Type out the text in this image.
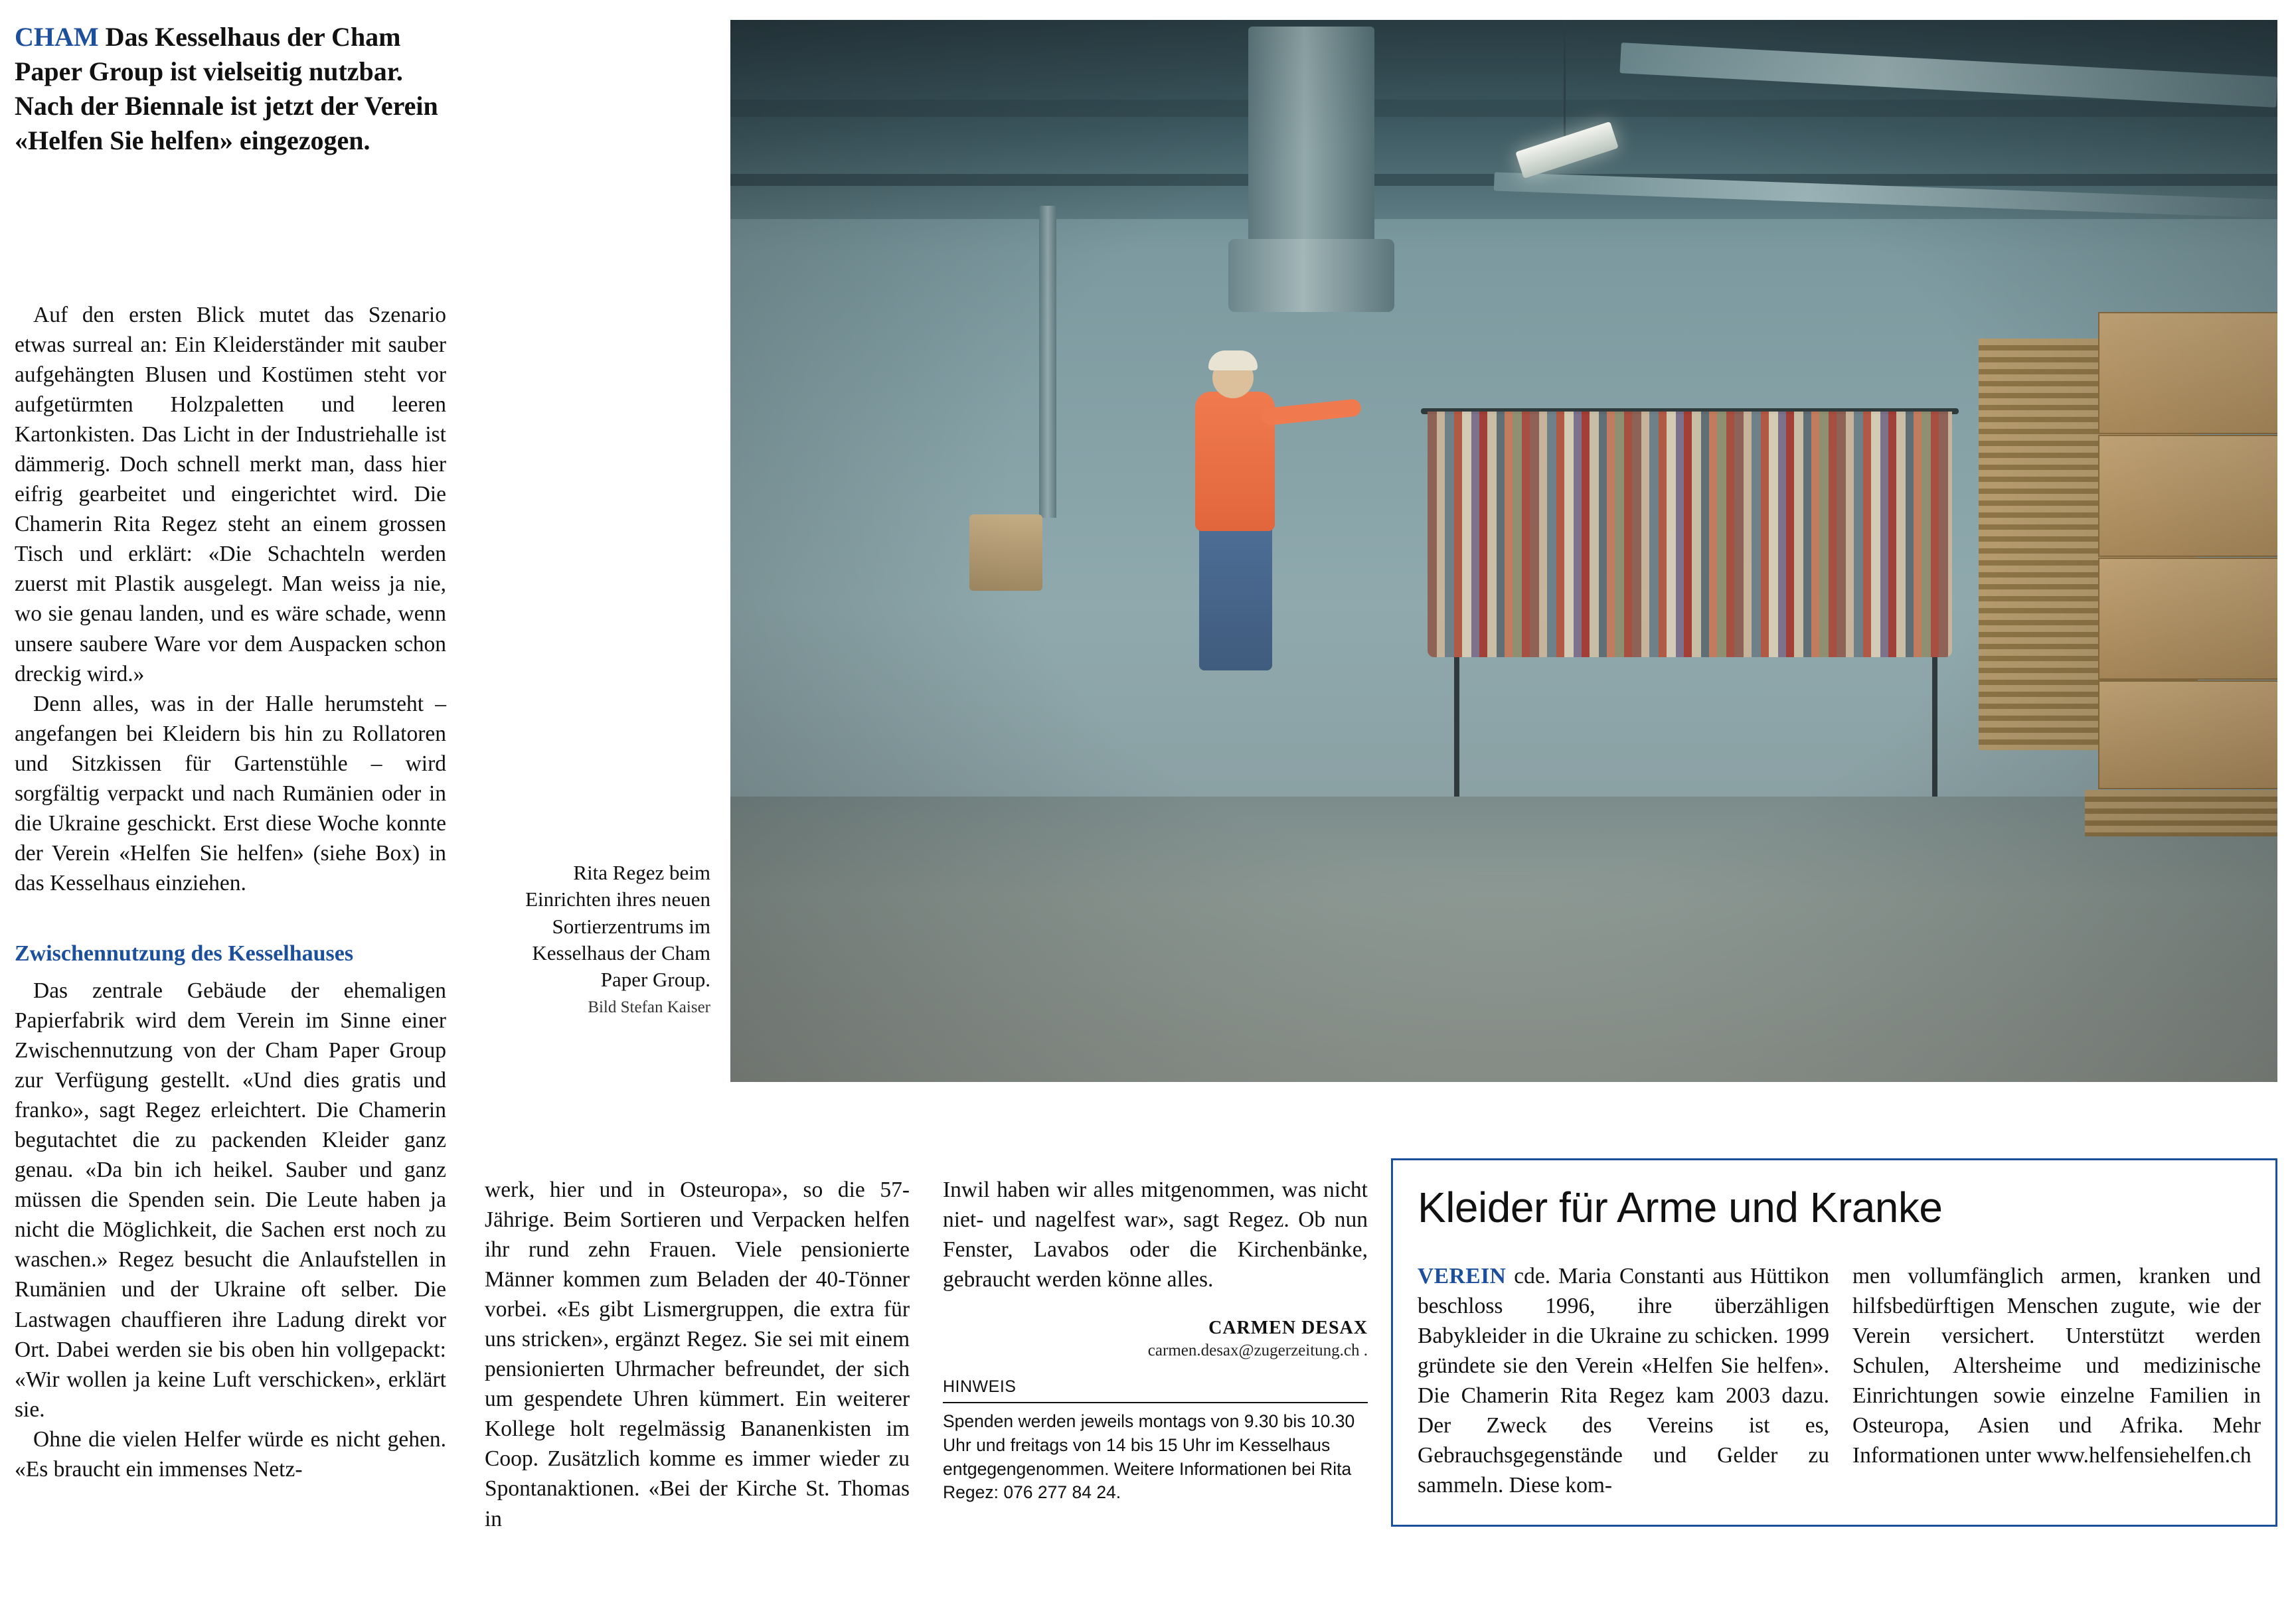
CHAM Das Kesselhaus der Cham Paper Group ist vielseitig nutzbar. Nach der Biennale ist jetzt der Verein «Helfen Sie helfen» eingezogen.

Auf den ersten Blick mutet das Szenario etwas surreal an: Ein Kleiderständer mit sauber aufgehängten Blusen und Kostümen steht vor aufgetürmten Holzpaletten und leeren Kartonkisten. Das Licht in der Industriehalle ist dämmerig. Doch schnell merkt man, dass hier eifrig gearbeitet und eingerichtet wird. Die Chamerin Rita Regez steht an einem grossen Tisch und erklärt: «Die Schachteln werden zuerst mit Plastik ausgelegt. Man weiss ja nie, wo sie genau landen, und es wäre schade, wenn unsere saubere Ware vor dem Auspacken schon dreckig wird.»

Denn alles, was in der Halle herumsteht – angefangen bei Kleidern bis hin zu Rollatoren und Sitzkissen für Gartenstühle – wird sorgfältig verpackt und nach Rumänien oder in die Ukraine geschickt. Erst diese Woche konnte der Verein «Helfen Sie helfen» (siehe Box) in das Kesselhaus einziehen.

Zwischennutzung des Kesselhauses

Das zentrale Gebäude der ehemaligen Papierfabrik wird dem Verein im Sinne einer Zwischennutzung von der Cham Paper Group zur Verfügung gestellt. «Und dies gratis und franko», sagt Regez erleichtert. Die Chamerin begutachtet die zu packenden Kleider ganz genau. «Da bin ich heikel. Sauber und ganz müssen die Spenden sein. Die Leute haben ja nicht die Möglichkeit, die Sachen erst noch zu waschen.» Regez besucht die Anlaufstellen in Rumänien und der Ukraine oft selber. Die Lastwagen chauffieren ihre Ladung direkt vor Ort. Dabei werden sie bis oben hin vollgepackt: «Wir wollen ja keine Luft verschicken», erklärt sie.

Ohne die vielen Helfer würde es nicht gehen. «Es braucht ein immenses Netz-

Rita Regez beim Einrichten ihres neuen Sortierzentrums im Kesselhaus der Cham Paper Group.
Bild Stefan Kaiser

werk, hier und in Osteuropa», so die 57-Jährige. Beim Sortieren und Verpacken helfen ihr rund zehn Frauen. Viele pensionierte Männer kommen zum Beladen der 40-Tönner vorbei. «Es gibt Lismergruppen, die extra für uns stricken», ergänzt Regez. Sie sei mit einem pensionierten Uhrmacher befreundet, der sich um gespendete Uhren kümmert. Ein weiterer Kollege holt regelmässig Bananenkisten im Coop. Zusätzlich komme es immer wieder zu Spontanaktionen. «Bei der Kirche St. Thomas in

Inwil haben wir alles mitgenommen, was nicht niet- und nagelfest war», sagt Regez. Ob nun Fenster, Lavabos oder die Kirchenbänke, gebraucht werden könne alles.

CARMEN DESAX
carmen.desax@zugerzeitung.ch .
HINWEIS
Spenden werden jeweils montags von 9.30 bis 10.30 Uhr und freitags von 14 bis 15 Uhr im Kesselhaus entgegengenommen. Weitere Informationen bei Rita Regez: 076 277 84 24.
Kleider für Arme und Kranke

VEREIN cde. Maria Constanti aus Hüttikon beschloss 1996, ihre überzähligen Babykleider in die Ukraine zu schicken. 1999 gründete sie den Verein «Helfen Sie helfen». Die Chamerin Rita Regez kam 2003 dazu. Der Zweck des Vereins ist es, Gebrauchsgegenstände und Gelder zu sammeln. Diese kom-

men vollumfänglich armen, kranken und hilfsbedürftigen Menschen zugute, wie der Verein versichert. Unterstützt werden Schulen, Altersheime und medizinische Einrichtungen sowie einzelne Familien in Osteuropa, Asien und Afrika. Mehr Informationen unter www.helfensiehelfen.ch
